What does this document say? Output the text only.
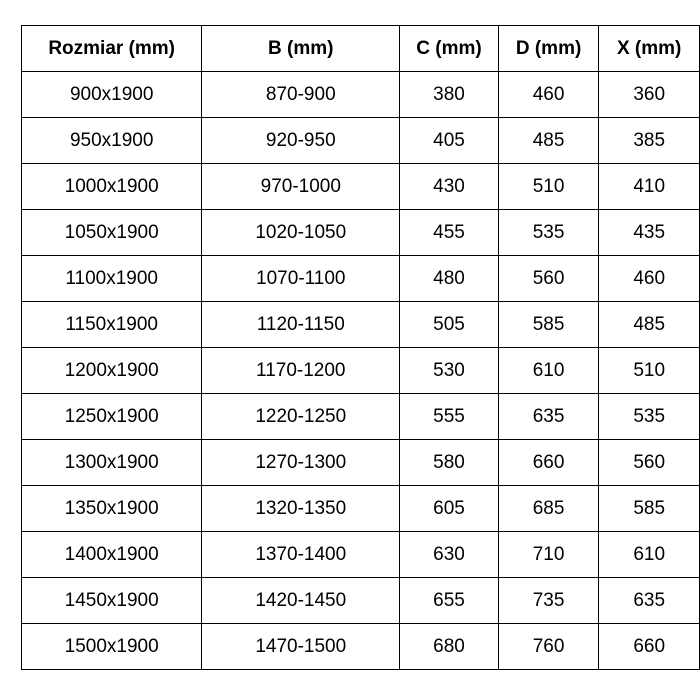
Rozmiar (mm)	B (mm)	C (mm)	D (mm)	X (mm)
900x1900	870-900	380	460	360
950x1900	920-950	405	485	385
1000x1900	970-1000	430	510	410
1050x1900	1020-1050	455	535	435
1100x1900	1070-1100	480	560	460
1150x1900	1120-1150	505	585	485
1200x1900	1170-1200	530	610	510
1250x1900	1220-1250	555	635	535
1300x1900	1270-1300	580	660	560
1350x1900	1320-1350	605	685	585
1400x1900	1370-1400	630	710	610
1450x1900	1420-1450	655	735	635
1500x1900	1470-1500	680	760	660
